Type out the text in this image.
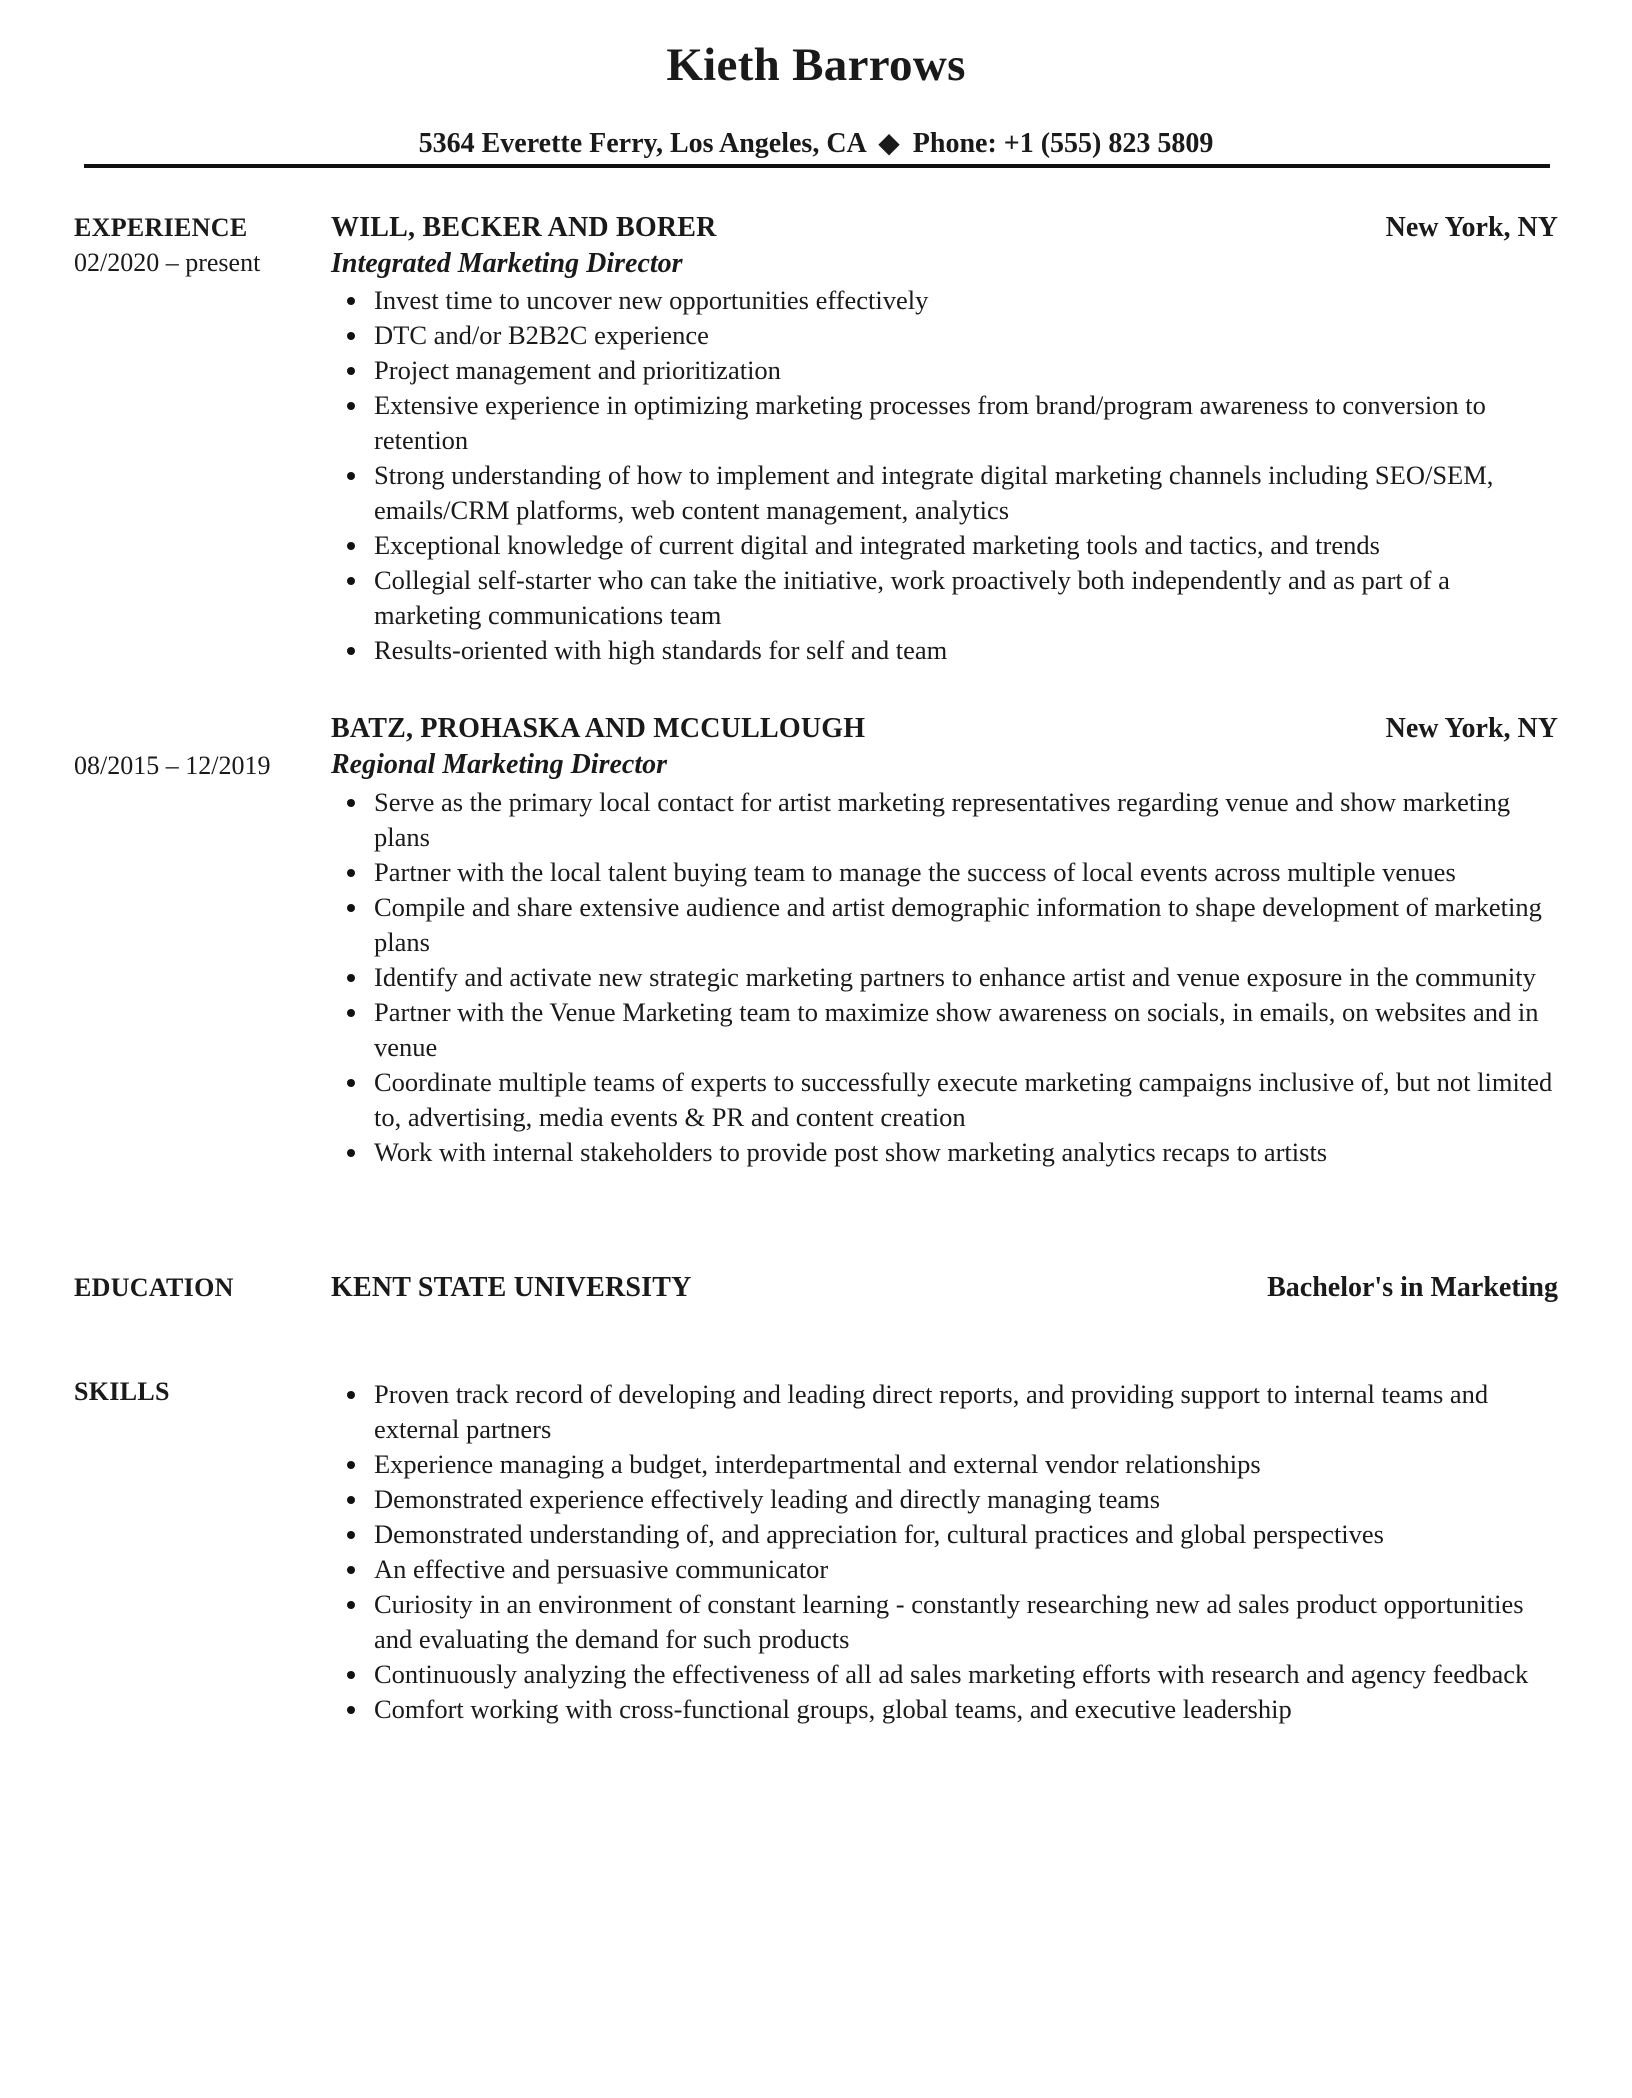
Kieth Barrows
5364 Everette Ferry, Los Angeles, CA ◆ Phone: +1 (555) 823 5809
EXPERIENCE
02/2020 – present
WILL, BECKER AND BORER	New York, NY
Integrated Marketing Director
Invest time to uncover new opportunities effectively
DTC and/or B2B2C experience
Project management and prioritization
Extensive experience in optimizing marketing processes from brand/program awareness to conversion to retention
Strong understanding of how to implement and integrate digital marketing channels including SEO/SEM, emails/CRM platforms, web content management, analytics
Exceptional knowledge of current digital and integrated marketing tools and tactics, and trends
Collegial self-starter who can take the initiative, work proactively both independently and as part of a marketing communications team
Results-oriented with high standards for self and team
08/2015 – 12/2019
BATZ, PROHASKA AND MCCULLOUGH	New York, NY
Regional Marketing Director
Serve as the primary local contact for artist marketing representatives regarding venue and show marketing plans
Partner with the local talent buying team to manage the success of local events across multiple venues
Compile and share extensive audience and artist demographic information to shape development of marketing plans
Identify and activate new strategic marketing partners to enhance artist and venue exposure in the community
Partner with the Venue Marketing team to maximize show awareness on socials, in emails, on websites and in venue
Coordinate multiple teams of experts to successfully execute marketing campaigns inclusive of, but not limited to, advertising, media events & PR and content creation
Work with internal stakeholders to provide post show marketing analytics recaps to artists
EDUCATION	KENT STATE UNIVERSITY	Bachelor's in Marketing
SKILLS	Proven track record of developing and leading direct reports, and providing support to internal teams and external partners
Experience managing a budget, interdepartmental and external vendor relationships
Demonstrated experience effectively leading and directly managing teams
Demonstrated understanding of, and appreciation for, cultural practices and global perspectives
An effective and persuasive communicator
Curiosity in an environment of constant learning - constantly researching new ad sales product opportunities and evaluating the demand for such products
Continuously analyzing the effectiveness of all ad sales marketing efforts with research and agency feedback
Comfort working with cross-functional groups, global teams, and executive leadership
